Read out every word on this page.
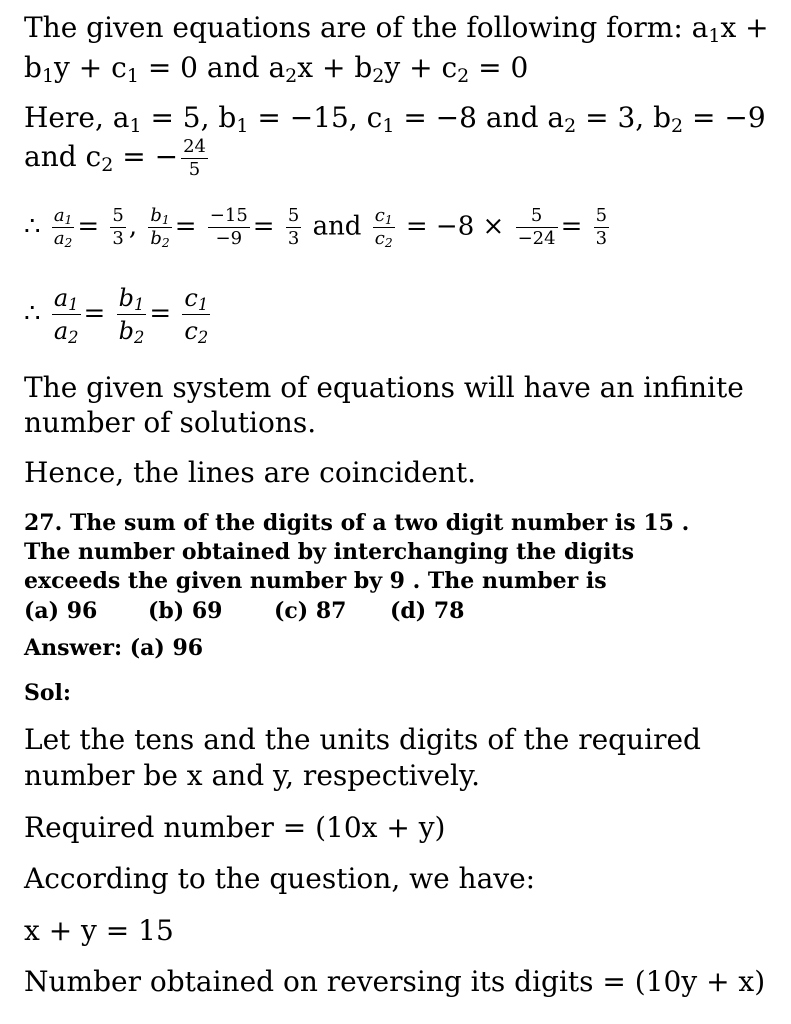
The given equations are of the following form: $a_1x$ +
$b_1y + c_1 = 0$ and $a_2x + b_2y + c_2 = 0$
Here, $a_1 = 5$, $b_1 = -15$, $c_1 = -8$ and $a_2 = 3$, $b_2 = -9$
and $c_2$ = − $\frac{24}{5}$
∴ $\frac{a_1}{a_2} = \frac{5}{3}$ , $\frac{b_1}{b_2} = \frac{-15}{-9} = \frac{5}{3}$ and $\frac{c_1}{c_2} = -8 \times \frac{5}{-24} = \frac{5}{3}$
∴ $\frac{a_1}{a_2} = \frac{b_1}{b_2} = \frac{c_1}{c_2}$
The given system of equations will have an infinite
number of solutions.
Hence, the lines are coincident.
27. The sum of the digits of a two digit number is 15 .
The number obtained by interchanging the digits
exceeds the given number by 9 . The number is
(a) 96 (b) 69 (c) 87 (d) 78
Answer: (a) 96
Sol:
Let the tens and the units digits of the required
number be x and y, respectively.
Required number = (10x + y)
According to the question, we have:
x + y = 15
Number obtained on reversing its digits = (10y + x)
